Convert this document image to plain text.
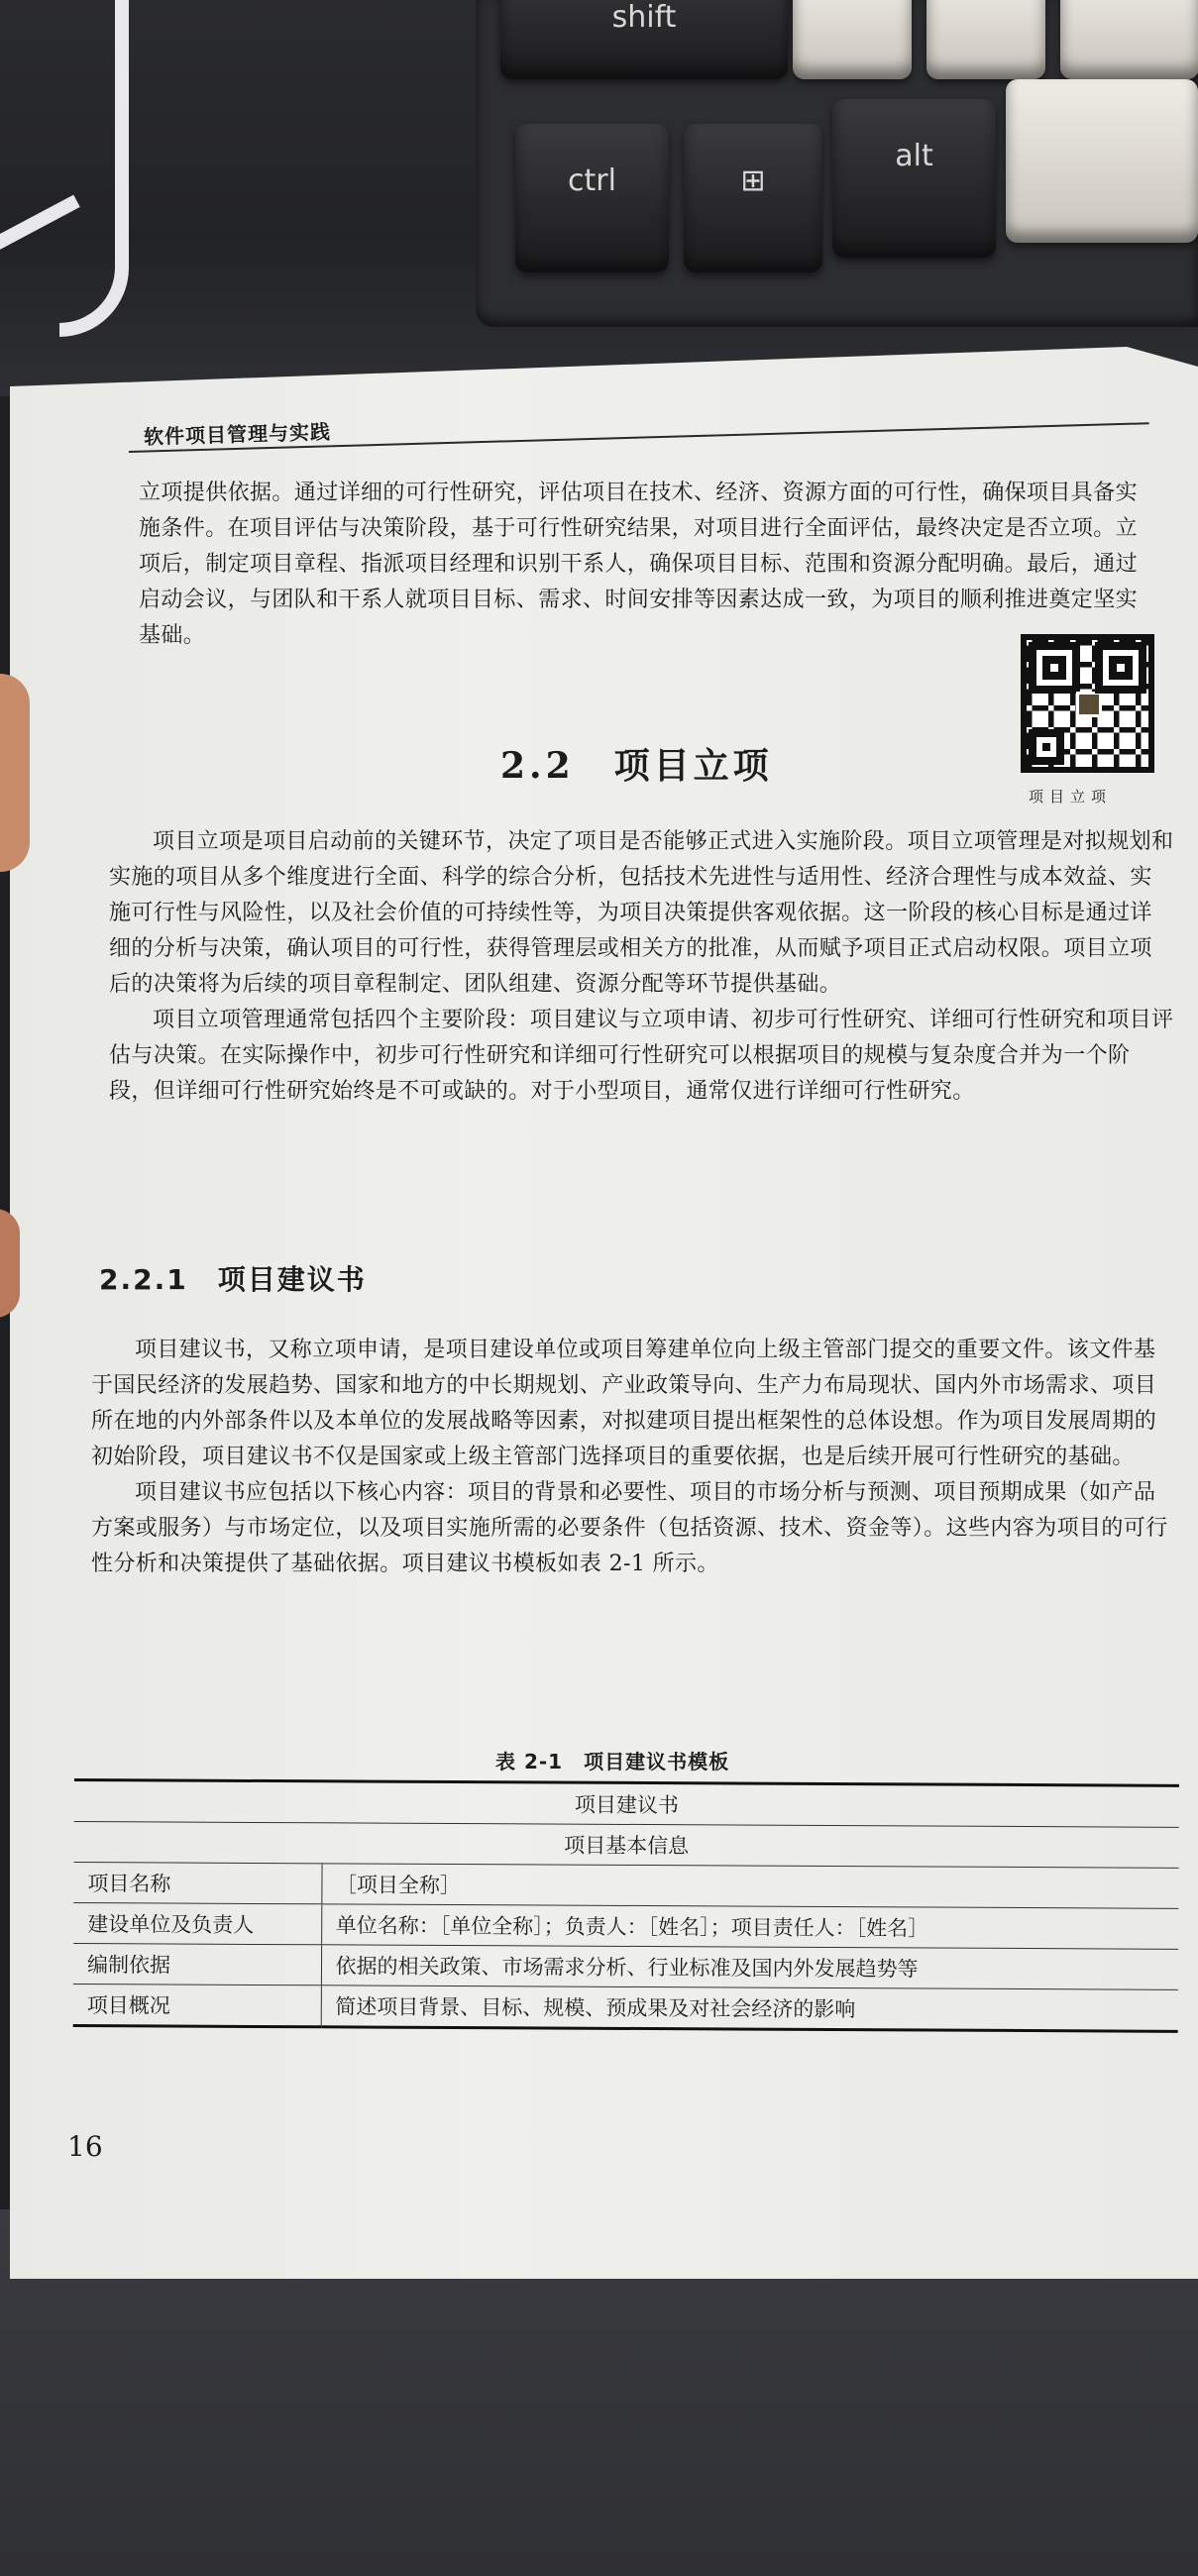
shift
ctrl	⊞
alt
软件项目管理与实践

立项提供依据。通过详细的可行性研究，评估项目在技术、经济、资源方面的可行性，确保项目具备实施条件。在项目评估与决策阶段，基于可行性研究结果，对项目进行全面评估，最终决定是否立项。立项后，制定项目章程、指派项目经理和识别干系人，确保项目目标、范围和资源分配明确。最后，通过启动会议，与团队和干系人就项目目标、需求、时间安排等因素达成一致，为项目的顺利推进奠定坚实基础。

项目立项
2.2　项目立项

项目立项是项目启动前的关键环节，决定了项目是否能够正式进入实施阶段。项目立项管理是对拟规划和实施的项目从多个维度进行全面、科学的综合分析，包括技术先进性与适用性、经济合理性与成本效益、实施可行性与风险性，以及社会价值的可持续性等，为项目决策提供客观依据。这一阶段的核心目标是通过详细的分析与决策，确认项目的可行性，获得管理层或相关方的批准，从而赋予项目正式启动权限。项目立项后的决策将为后续的项目章程制定、团队组建、资源分配等环节提供基础。

项目立项管理通常包括四个主要阶段：项目建议与立项申请、初步可行性研究、详细可行性研究和项目评估与决策。在实际操作中，初步可行性研究和详细可行性研究可以根据项目的规模与复杂度合并为一个阶段，但详细可行性研究始终是不可或缺的。对于小型项目，通常仅进行详细可行性研究。

2.2.1　项目建议书

项目建议书，又称立项申请，是项目建设单位或项目筹建单位向上级主管部门提交的重要文件。该文件基于国民经济的发展趋势、国家和地方的中长期规划、产业政策导向、生产力布局现状、国内外市场需求、项目所在地的内外部条件以及本单位的发展战略等因素，对拟建项目提出框架性的总体设想。作为项目发展周期的初始阶段，项目建议书不仅是国家或上级主管部门选择项目的重要依据，也是后续开展可行性研究的基础。

项目建议书应包括以下核心内容：项目的背景和必要性、项目的市场分析与预测、项目预期成果（如产品方案或服务）与市场定位，以及项目实施所需的必要条件（包括资源、技术、资金等）。这些内容为项目的可行性分析和决策提供了基础依据。项目建议书模板如表 2-1 所示。

表 2-1　项目建议书模板
项目建议书	
项目基本信息	
项目名称	［项目全称］
建设单位及负责人	单位名称：［单位全称］；负责人：［姓名］；项目责任人：［姓名］
编制依据	依据的相关政策、市场需求分析、行业标准及国内外发展趋势等
项目概况	简述项目背景、目标、规模、预成果及对社会经济的影响
16
